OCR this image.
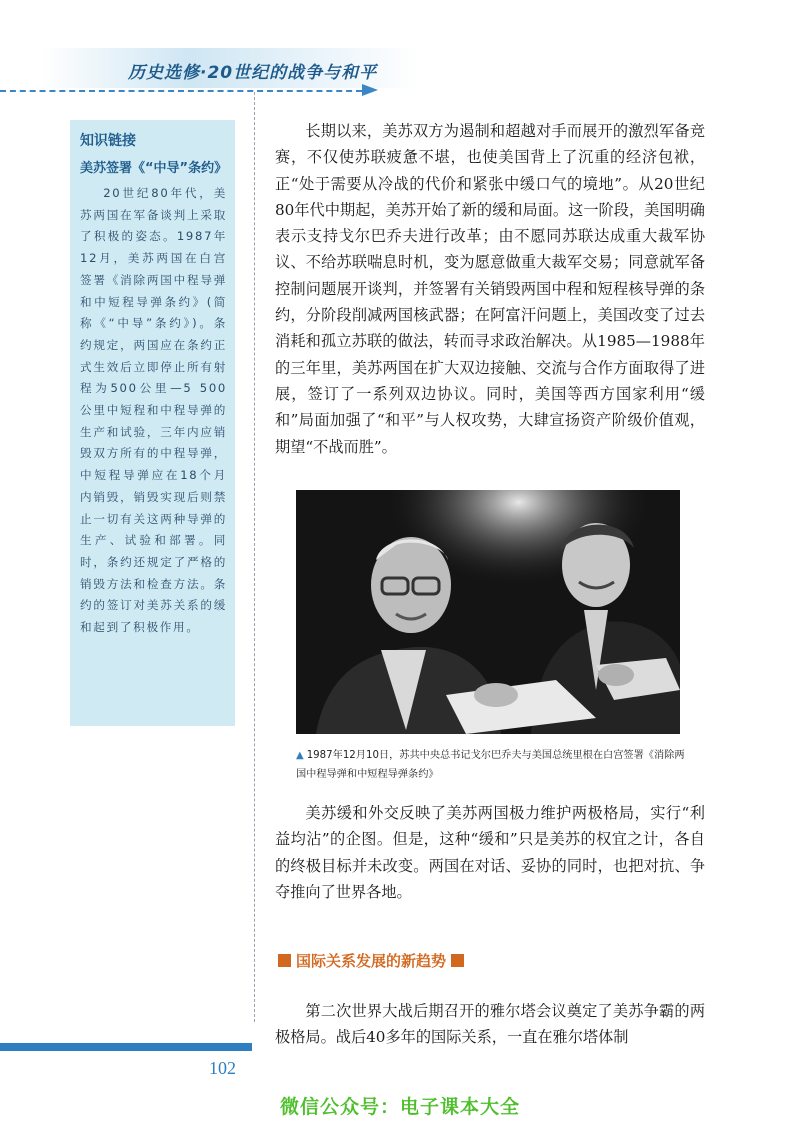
历史选修·20世纪的战争与和平
知识链接
美苏签署《“中导”条约》

20世纪80年代，美苏两国在军备谈判上采取了积极的姿态。1987年12月，美苏两国在白宫签署《消除两国中程导弹和中短程导弹条约》(简称《“中导”条约》)。条约规定，两国应在条约正式生效后立即停止所有射程为500公里—5 500公里中短程和中程导弹的生产和试验，三年内应销毁双方所有的中程导弹，中短程导弹应在18个月内销毁，销毁实现后则禁止一切有关这两种导弹的生产、试验和部署。同时，条约还规定了严格的销毁方法和检查方法。条约的签订对美苏关系的缓和起到了积极作用。

长期以来，美苏双方为遏制和超越对手而展开的激烈军备竞赛，不仅使苏联疲惫不堪，也使美国背上了沉重的经济包袱，正“处于需要从冷战的代价和紧张中缓口气的境地”。从20世纪80年代中期起，美苏开始了新的缓和局面。这一阶段，美国明确表示支持戈尔巴乔夫进行改革；由不愿同苏联达成重大裁军协议、不给苏联喘息时机，变为愿意做重大裁军交易；同意就军备控制问题展开谈判，并签署有关销毁两国中程和短程核导弹的条约，分阶段削减两国核武器；在阿富汗问题上，美国改变了过去消耗和孤立苏联的做法，转而寻求政治解决。从1985—1988年的三年里，美苏两国在扩大双边接触、交流与合作方面取得了进展，签订了一系列双边协议。同时，美国等西方国家利用“缓和”局面加强了“和平”与人权攻势，大肆宣扬资产阶级价值观，期望“不战而胜”。

▲ 1987年12月10日，苏共中央总书记戈尔巴乔夫与美国总统里根在白宫签署《消除两国中程导弹和中短程导弹条约》

美苏缓和外交反映了美苏两国极力维护两极格局，实行“利益均沾”的企图。但是，这种“缓和”只是美苏的权宜之计，各自的终极目标并未改变。两国在对话、妥协的同时，也把对抗、争夺推向了世界各地。

国际关系发展的新趋势

第二次世界大战后期召开的雅尔塔会议奠定了美苏争霸的两极格局。战后40多年的国际关系，一直在雅尔塔体制

102
微信公众号：电子课本大全
